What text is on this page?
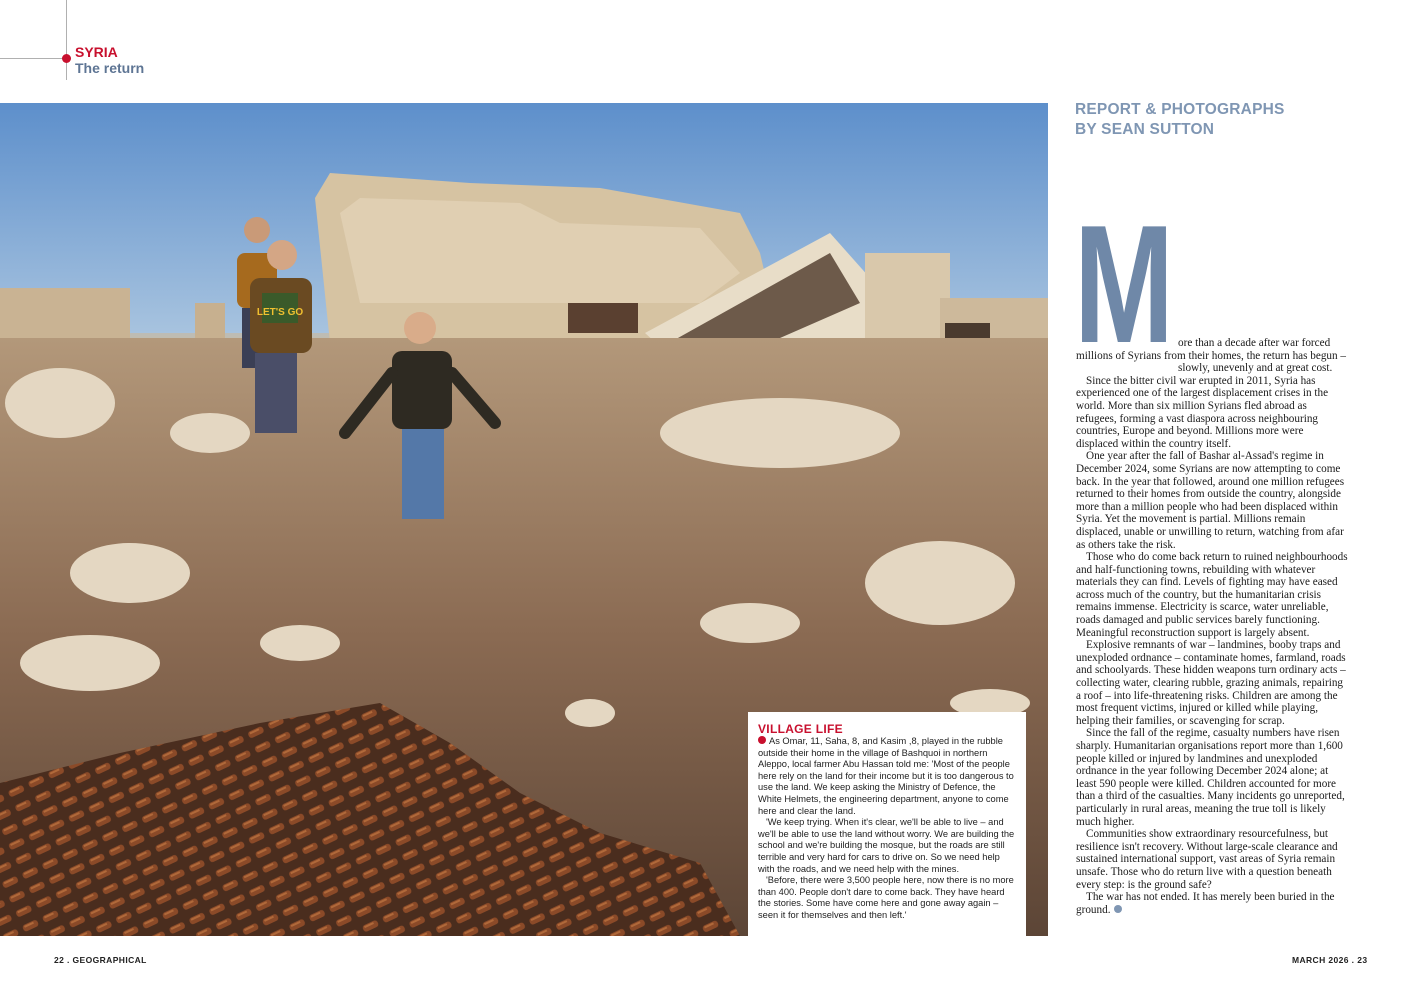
SYRIA
The return
LET'S GO
VILLAGE LIFE

As Omar, 11, Saha, 8, and Kasim ,8, played in the rubble outside their home in the village of Bashquoi in northern Aleppo, local farmer Abu Hassan told me: 'Most of the people here rely on the land for their income but it is too dangerous to use the land. We keep asking the Ministry of Defence, the White Helmets, the engineering department, anyone to come here and clear the land.

'We keep trying. When it's clear, we'll be able to live – and we'll be able to use the land without worry. We are building the school and we're building the mosque, but the roads are still terrible and very hard for cars to drive on. So we need help with the roads, and we need help with the mines.

'Before, there were 3,500 people here, now there is no more than 400. People don't dare to come back. They have heard the stories. Some have come here and gone away again – seen it for themselves and then left.'

REPORT & PHOTOGRAPHS
BY SEAN SUTTON
M ore than a decade after war forced
millions of Syrians from their homes, the return has begun – slowly, unevenly and at great cost.

Since the bitter civil war erupted in 2011, Syria has experienced one of the largest displacement crises in the world. More than six million Syrians fled abroad as refugees, forming a vast diaspora across neighbouring countries, Europe and beyond. Millions more were displaced within the country itself.

One year after the fall of Bashar al-Assad's regime in December 2024, some Syrians are now attempting to come back. In the year that followed, around one million refugees returned to their homes from outside the country, alongside more than a million people who had been displaced within Syria. Yet the movement is partial. Millions remain displaced, unable or unwilling to return, watching from afar as others take the risk.

Those who do come back return to ruined neighbourhoods and half-functioning towns, rebuilding with whatever materials they can find. Levels of fighting may have eased across much of the country, but the humanitarian crisis remains immense. Electricity is scarce, water unreliable, roads damaged and public services barely functioning. Meaningful reconstruction support is largely absent.

Explosive remnants of war – landmines, booby traps and unexploded ordnance – contaminate homes, farmland, roads and schoolyards. These hidden weapons turn ordinary acts – collecting water, clearing rubble, grazing animals, repairing a roof – into life-threatening risks. Children are among the most frequent victims, injured or killed while playing, helping their families, or scavenging for scrap.

Since the fall of the regime, casualty numbers have risen sharply. Humanitarian organisations report more than 1,600 people killed or injured by landmines and unexploded ordnance in the year following December 2024 alone; at least 590 people were killed. Children accounted for more than a third of the casualties. Many incidents go unreported, particularly in rural areas, meaning the true toll is likely much higher.

Communities show extraordinary resourcefulness, but resilience isn't recovery. Without large-scale clearance and sustained international support, vast areas of Syria remain unsafe. Those who do return live with a question beneath every step: is the ground safe?

The war has not ended. It has merely been buried in the ground.

22 . GEOGRAPHICAL	MARCH 2026 . 23
